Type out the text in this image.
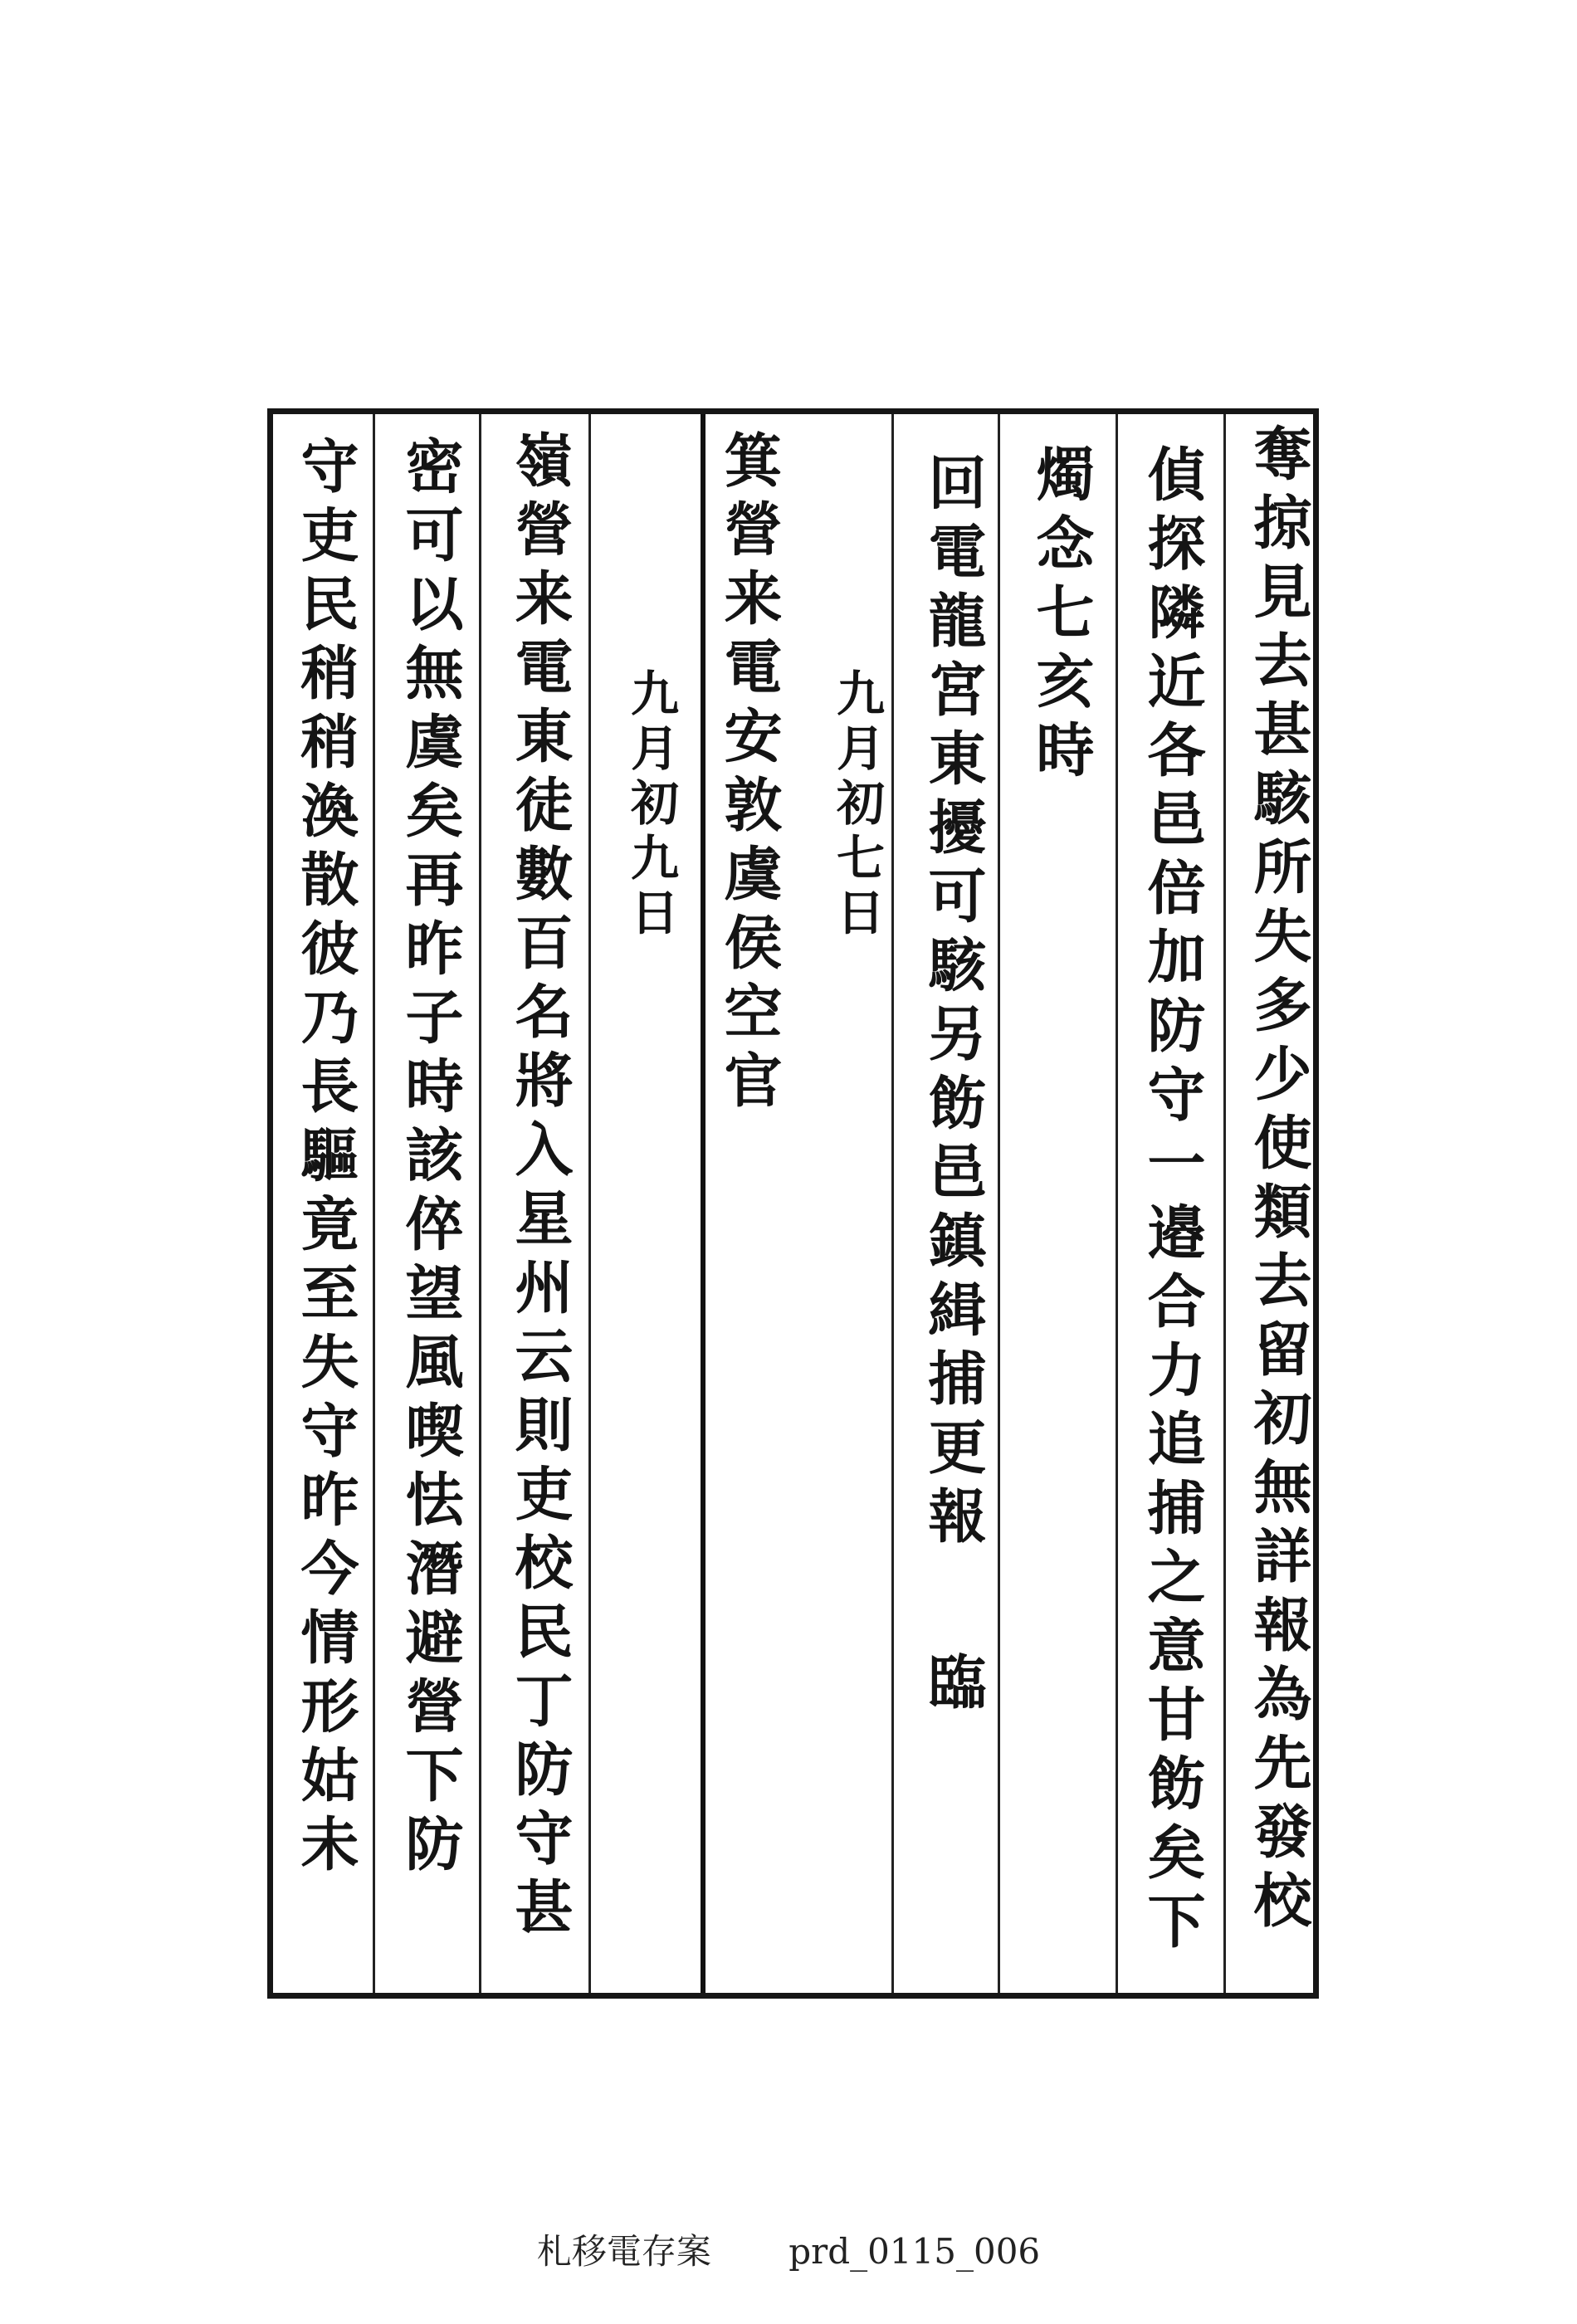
奪掠見去甚駭所失多少使類去留初無詳報為先發校
偵探隣近各邑倍加防守一邉合力追捕之意甘飭矣下
燭念七亥時
回電龍宮東擾可駭另飭邑鎮緝捕更報
臨
九月初七日
箕營来電安敦虞侯空官
九月初九日
嶺營来電東徒數百名將入星州云則吏校民丁防守甚
密可以無虞矣再昨子時該倅望風喫怯潛避營下防
守吏民稍稍渙散彼乃長驅竟至失守昨今情形姑未
札移電存案 prd_0115_006
